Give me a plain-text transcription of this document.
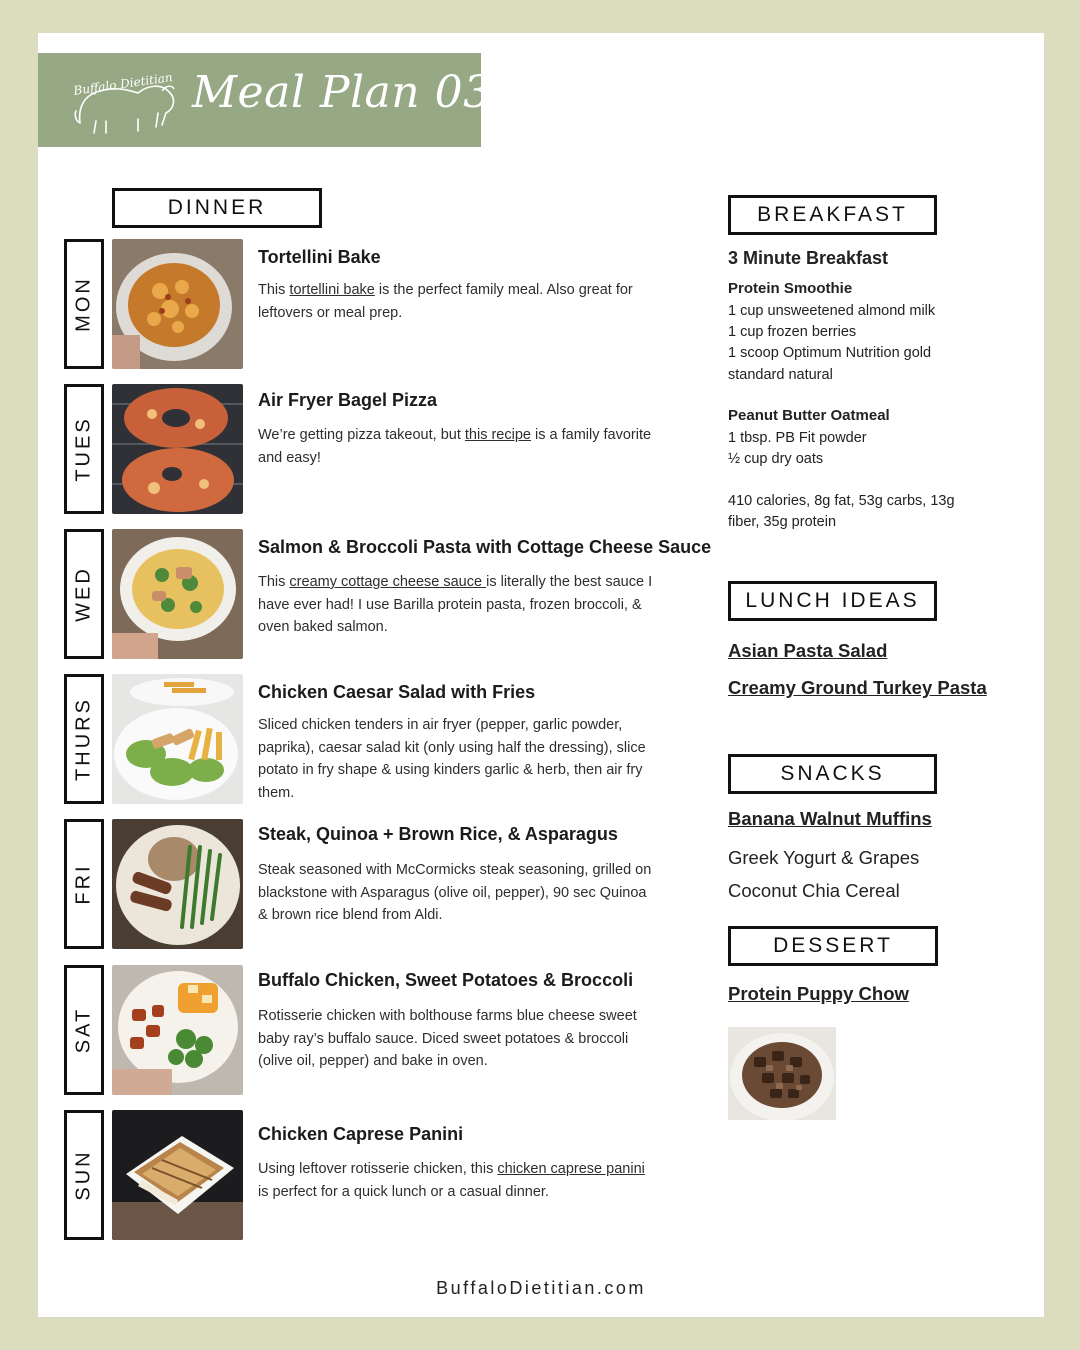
Buffalo Dietitian Meal Plan 03
DINNER
MON
Tortellini Bake
This tortellini bake is the perfect family meal. Also great for leftovers or meal prep.
TUES
Air Fryer Bagel Pizza
We’re getting pizza takeout, but this recipe is a family favorite and easy!
WED
Salmon & Broccoli Pasta with Cottage Cheese Sauce
This creamy cottage cheese sauce is literally the best sauce I have ever had! I use Barilla protein pasta, frozen broccoli, & oven baked salmon.
THURS
Chicken Caesar Salad with Fries
Sliced chicken tenders in air fryer (pepper, garlic powder, paprika), caesar salad kit (only using half the dressing), slice potato in fry shape & using kinders garlic & herb, then air fry them.
FRI
Steak, Quinoa + Brown Rice, & Asparagus
Steak seasoned with McCormicks steak seasoning, grilled on blackstone with Asparagus (olive oil, pepper), 90 sec Quinoa & brown rice blend from Aldi.
SAT
Buffalo Chicken, Sweet Potatoes & Broccoli
Rotisserie chicken with bolthouse farms blue cheese sweet baby ray’s buffalo sauce. Diced sweet potatoes & broccoli (olive oil, pepper) and bake in oven.
SUN
Chicken Caprese Panini
Using leftover rotisserie chicken, this chicken caprese panini is perfect for a quick lunch or a casual dinner.
BREAKFAST
3 Minute Breakfast
Protein Smoothie
1 cup unsweetened almond milk
1 cup frozen berries
1 scoop Optimum Nutrition gold
standard natural
Peanut Butter Oatmeal
1 tbsp. PB Fit powder
½ cup dry oats
410 calories, 8g fat, 53g carbs, 13g
fiber, 35g protein
LUNCH IDEAS
Asian Pasta Salad
Creamy Ground Turkey Pasta
SNACKS
Banana Walnut Muffins
Greek Yogurt & Grapes
Coconut Chia Cereal
DESSERT
Protein Puppy Chow
BuffaloDietitian.com
